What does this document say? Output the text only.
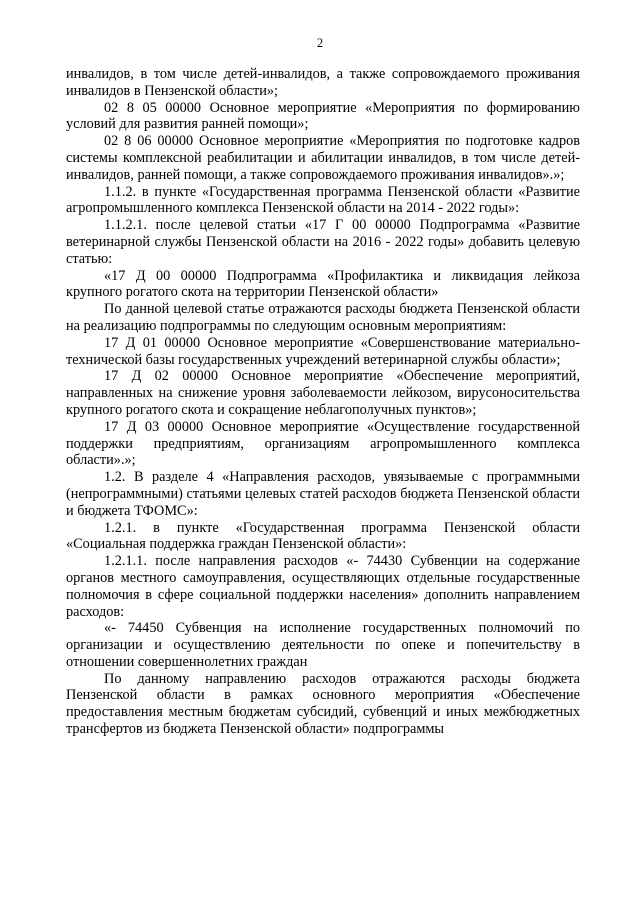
2

инвалидов, в том числе детей-инвалидов, а также сопровождаемого проживания инвалидов в Пензенской области»;

02 8 05 00000 Основное мероприятие «Мероприятия по формированию условий для развития ранней помощи»;

02 8 06 00000 Основное мероприятие «Мероприятия по подготовке кадров системы комплексной реабилитации и абилитации инвалидов, в том числе детей-инвалидов, ранней помощи, а также сопровождаемого проживания инвалидов».»;

1.1.2. в пункте «Государственная программа Пензенской области «Развитие агропромышленного комплекса Пензенской области на 2014 - 2022 годы»:

1.1.2.1. после целевой статьи «17 Г 00 00000 Подпрограмма «Развитие ветеринарной службы Пензенской области на 2016 - 2022 годы» добавить целевую статью:

«17 Д 00 00000 Подпрограмма «Профилактика и ликвидация лейкоза крупного рогатого скота на территории Пензенской области»

По данной целевой статье отражаются расходы бюджета Пензенской области на реализацию подпрограммы по следующим основным мероприятиям:

17 Д 01 00000 Основное мероприятие «Совершенствование материально-технической базы государственных учреждений ветеринарной службы области»;

17 Д 02 00000 Основное мероприятие «Обеспечение мероприятий, направленных на снижение уровня заболеваемости лейкозом, вирусоносительства крупного рогатого скота и сокращение неблагополучных пунктов»;

17 Д 03 00000 Основное мероприятие «Осуществление государственной поддержки предприятиям, организациям агропромышленного комплекса области».»;

1.2. В разделе 4 «Направления расходов, увязываемые с программными (непрограммными) статьями целевых статей расходов бюджета Пензенской области и бюджета ТФОМС»:

1.2.1. в пункте «Государственная программа Пензенской области «Социальная поддержка граждан Пензенской области»:

1.2.1.1. после направления расходов «- 74430 Субвенции на содержание органов местного самоуправления, осуществляющих отдельные государственные полномочия в сфере социальной поддержки населения» дополнить направлением расходов:

«- 74450 Субвенция на исполнение государственных полномочий по организации и осуществлению деятельности по опеке и попечительству в отношении совершеннолетних граждан

По данному направлению расходов отражаются расходы бюджета Пензенской области в рамках основного мероприятия «Обеспечение предоставления местным бюджетам субсидий, субвенций и иных межбюджетных трансфертов из бюджета Пензенской области» подпрограммы
